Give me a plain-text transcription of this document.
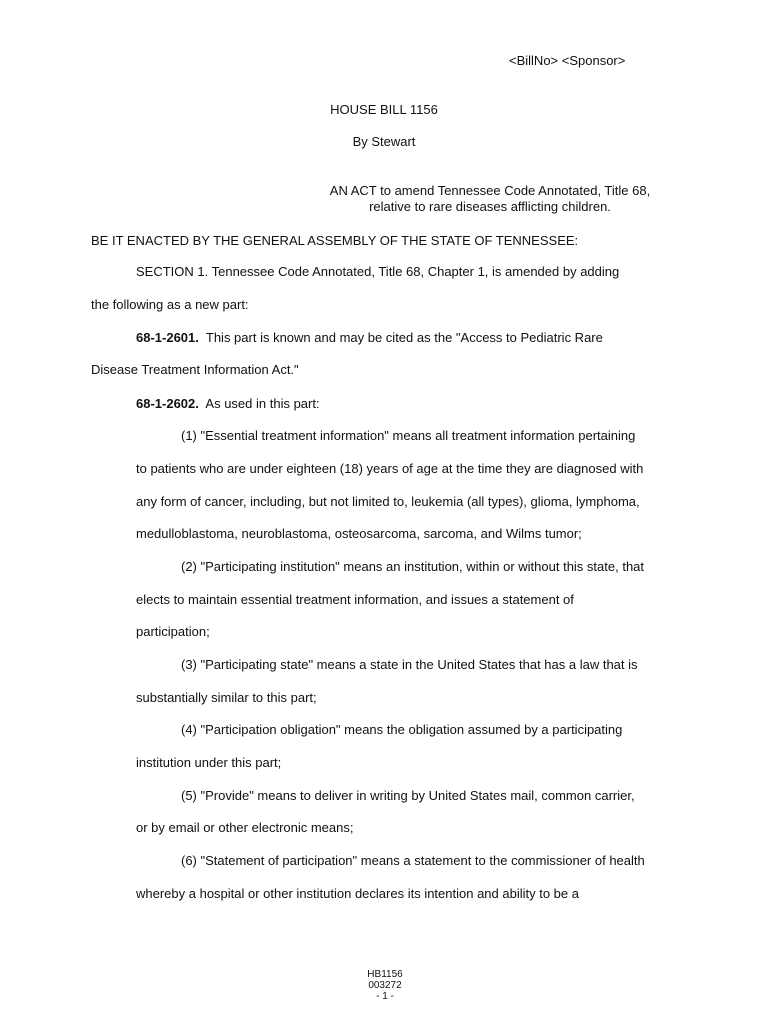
<BillNo> <Sponsor>
HOUSE BILL 1156
By Stewart
AN ACT to amend Tennessee Code Annotated, Title 68,
relative to rare diseases afflicting children.
BE IT ENACTED BY THE GENERAL ASSEMBLY OF THE STATE OF TENNESSEE:
SECTION 1. Tennessee Code Annotated, Title 68, Chapter 1, is amended by adding
the following as a new part:
68-1-2601. This part is known and may be cited as the "Access to Pediatric Rare
Disease Treatment Information Act."
68-1-2602. As used in this part:
(1) "Essential treatment information" means all treatment information pertaining
to patients who are under eighteen (18) years of age at the time they are diagnosed with
any form of cancer, including, but not limited to, leukemia (all types), glioma, lymphoma,
medulloblastoma, neuroblastoma, osteosarcoma, sarcoma, and Wilms tumor;
(2) "Participating institution" means an institution, within or without this state, that
elects to maintain essential treatment information, and issues a statement of
participation;
(3) "Participating state" means a state in the United States that has a law that is
substantially similar to this part;
(4) "Participation obligation" means the obligation assumed by a participating
institution under this part;
(5) "Provide" means to deliver in writing by United States mail, common carrier,
or by email or other electronic means;
(6) "Statement of participation" means a statement to the commissioner of health
whereby a hospital or other institution declares its intention and ability to be a
HB1156
003272
- 1 -
